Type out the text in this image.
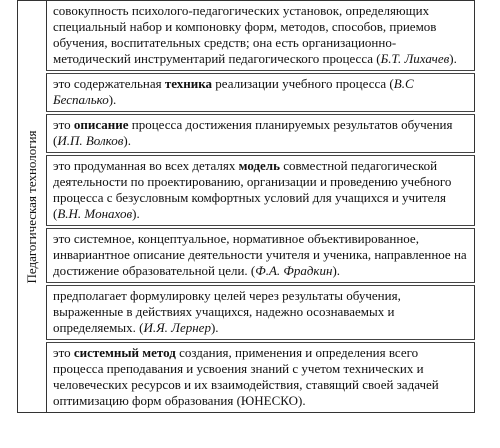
Педагогическая технология
	совокупность психолого-педагогических установок, определяющих специальный набор и компоновку форм, методов, способов, приемов обучения, воспитательных средств; она есть организационно-методический инструментарий педагогического процесса (Б.Т. Лихачев).
это содержательная техника реализации учебного процесса (В.С Беспалько).
это описание процесса достижения планируемых результатов обучения (И.П. Волков).
это продуманная во всех деталях модель совместной педагогической деятельности по проектированию, организации и проведению учебного процесса с безусловным комфортных условий для учащихся и учителя (В.Н. Монахов).
это системное, концептуальное, нормативное объективированное, инвариантное описание деятельности учителя и ученика, направленное на достижение образовательной цели. (Ф.А. Фрадкин).
предполагает формулировку целей через результаты обучения, выраженные в действиях учащихся, надежно осознаваемых и определяемых. (И.Я. Лернер).
это системный метод создания, применения и определения всего процесса преподавания и усвоения знаний с учетом технических и человеческих ресурсов и их взаимодействия, ставящий своей задачей оптимизацию форм образования (ЮНЕСКО).
